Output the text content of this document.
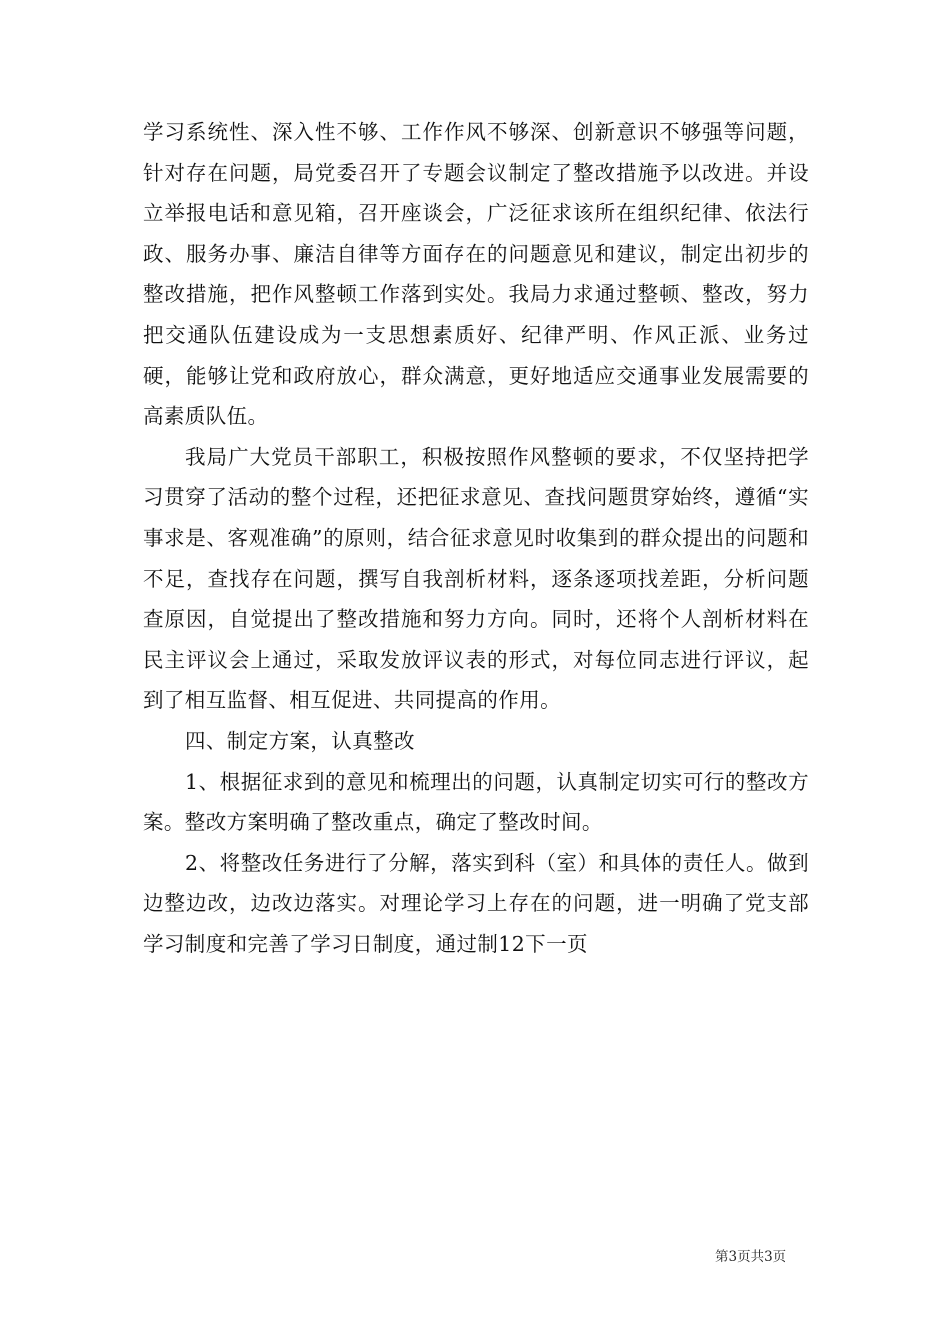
学习系统性、深入性不够、工作作风不够深、创新意识不够强等问题，针对存在问题，局党委召开了专题会议制定了整改措施予以改进。并设立举报电话和意见箱，召开座谈会，广泛征求该所在组织纪律、依法行政、服务办事、廉洁自律等方面存在的问题意见和建议，制定出初步的整改措施，把作风整顿工作落到实处。我局力求通过整顿、整改，努力把交通队伍建设成为一支思想素质好、纪律严明、作风正派、业务过硬，能够让党和政府放心，群众满意，更好地适应交通事业发展需要的高素质队伍。

我局广大党员干部职工，积极按照作风整顿的要求，不仅坚持把学习贯穿了活动的整个过程，还把征求意见、查找问题贯穿始终，遵循“实事求是、客观准确”的原则，结合征求意见时收集到的群众提出的问题和不足，查找存在问题，撰写自我剖析材料，逐条逐项找差距，分析问题查原因，自觉提出了整改措施和努力方向。同时，还将个人剖析材料在民主评议会上通过，采取发放评议表的形式，对每位同志进行评议，起到了相互监督、相互促进、共同提高的作用。

四、制定方案，认真整改

1、根据征求到的意见和梳理出的问题，认真制定切实可行的整改方案。整改方案明确了整改重点，确定了整改时间。

2、将整改任务进行了分解，落实到科（室）和具体的责任人。做到边整边改，边改边落实。对理论学习上存在的问题，进一明确了党支部学习制度和完善了学习日制度，通过制12下一页

第3页共3页
